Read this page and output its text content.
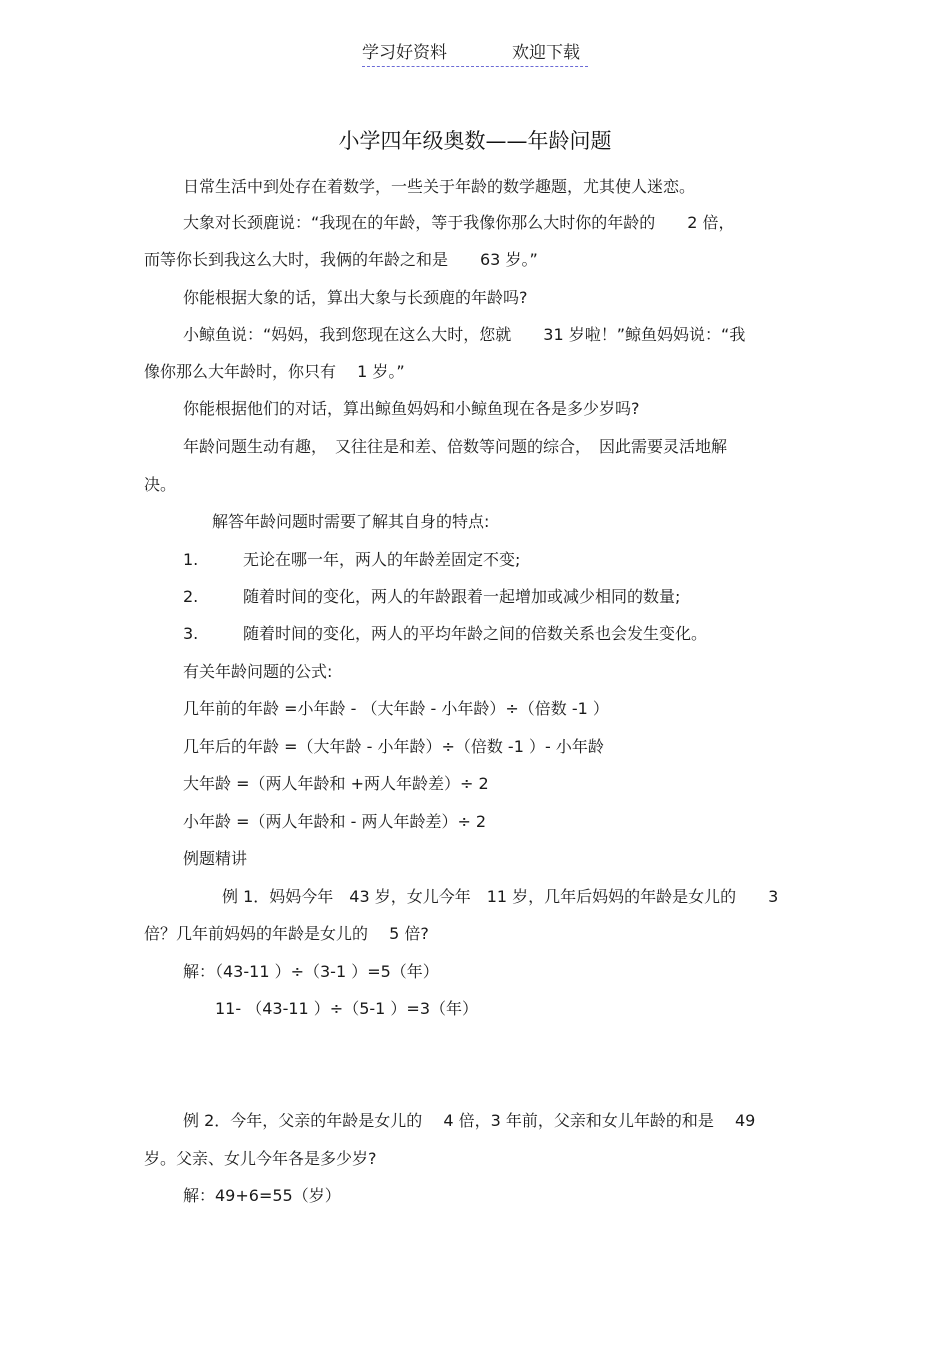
学习好资料	欢迎下载
小学四年级奥数——年龄问题
日常生活中到处存在着数学，一些关于年龄的数学趣题，尤其使人迷恋。
大象对长颈鹿说：“我现在的年龄，等于我像你那么大时你的年龄的　　2 倍，
而等你长到我这么大时，我俩的年龄之和是　　63 岁。”
你能根据大象的话，算出大象与长颈鹿的年龄吗?
小鲸鱼说：“妈妈，我到您现在这么大时，您就　　31 岁啦！”鲸鱼妈妈说：“我
像你那么大年龄时，你只有　 1 岁。”
你能根据他们的对话，算出鲸鱼妈妈和小鲸鱼现在各是多少岁吗?
年龄问题生动有趣，　又往往是和差、倍数等问题的综合，　因此需要灵活地解
决。
解答年龄问题时需要了解其自身的特点:
1.	无论在哪一年，两人的年龄差固定不变;
2.	随着时间的变化，两人的年龄跟着一起增加或减少相同的数量;
3.	随着时间的变化，两人的平均年龄之间的倍数关系也会发生变化。
有关年龄问题的公式:
几年前的年龄 =小年龄 - （大年龄 - 小年龄）÷（倍数 -1 ）
几年后的年龄 =（大年龄 - 小年龄）÷（倍数 -1 ）- 小年龄
大年龄 =（两人年龄和 +两人年龄差）÷ 2
小年龄 =（两人年龄和 - 两人年龄差）÷ 2
例题精讲
例 1．妈妈今年　43 岁，女儿今年　11 岁，几年后妈妈的年龄是女儿的　　3
倍？几年前妈妈的年龄是女儿的　 5 倍?
解：（43-11 ）÷（3-1 ）=5（年）
11- （43-11 ）÷（5-1 ）=3（年）
例 2．今年，父亲的年龄是女儿的　 4 倍，3 年前，父亲和女儿年龄的和是　 49
岁。父亲、女儿今年各是多少岁?
解：49+6=55（岁）
